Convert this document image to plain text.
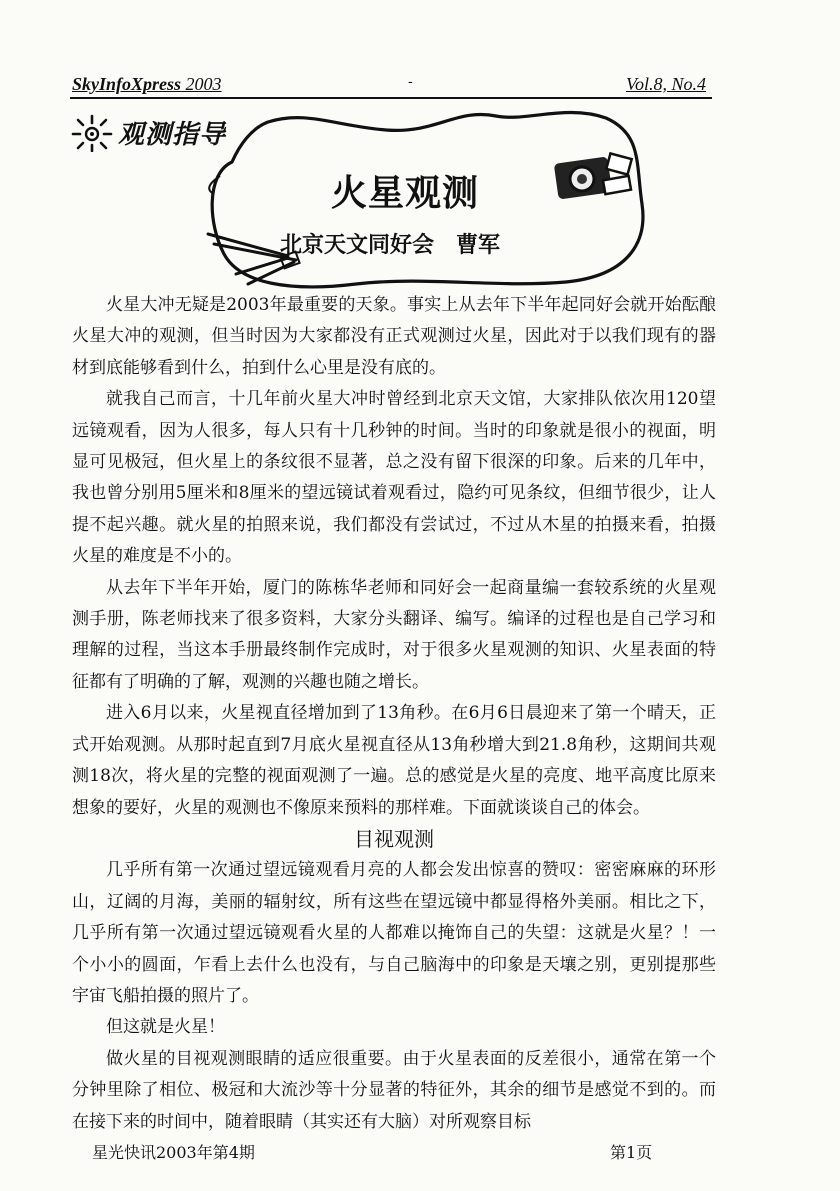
SkyInfoXpress 2003	-	Vol.8, No.4
观测指导
火星观测
北京天文同好会　曹军

火星大冲无疑是2003年最重要的天象。事实上从去年下半年起同好会就开始酝酿火星大冲的观测，但当时因为大家都没有正式观测过火星，因此对于以我们现有的器材到底能够看到什么，拍到什么心里是没有底的。

就我自己而言，十几年前火星大冲时曾经到北京天文馆，大家排队依次用120望远镜观看，因为人很多，每人只有十几秒钟的时间。当时的印象就是很小的视面，明显可见极冠，但火星上的条纹很不显著，总之没有留下很深的印象。后来的几年中，我也曾分别用5厘米和8厘米的望远镜试着观看过，隐约可见条纹，但细节很少，让人提不起兴趣。就火星的拍照来说，我们都没有尝试过，不过从木星的拍摄来看，拍摄火星的难度是不小的。

从去年下半年开始，厦门的陈栋华老师和同好会一起商量编一套较系统的火星观测手册，陈老师找来了很多资料，大家分头翻译、编写。编译的过程也是自己学习和理解的过程，当这本手册最终制作完成时，对于很多火星观测的知识、火星表面的特征都有了明确的了解，观测的兴趣也随之增长。

进入6月以来，火星视直径增加到了13角秒。在6月6日晨迎来了第一个晴天，正式开始观测。从那时起直到7月底火星视直径从13角秒增大到21.8角秒，这期间共观测18次，将火星的完整的视面观测了一遍。总的感觉是火星的亮度、地平高度比原来想象的要好，火星的观测也不像原来预料的那样难。下面就谈谈自己的体会。

目视观测

几乎所有第一次通过望远镜观看月亮的人都会发出惊喜的赞叹：密密麻麻的环形山，辽阔的月海，美丽的辐射纹，所有这些在望远镜中都显得格外美丽。相比之下，几乎所有第一次通过望远镜观看火星的人都难以掩饰自己的失望：这就是火星？！一个小小的圆面，乍看上去什么也没有，与自己脑海中的印象是天壤之别，更别提那些宇宙飞船拍摄的照片了。

但这就是火星！

做火星的目视观测眼睛的适应很重要。由于火星表面的反差很小，通常在第一个分钟里除了相位、极冠和大流沙等十分显著的特征外，其余的细节是感觉不到的。而在接下来的时间中，随着眼睛（其实还有大脑）对所观察目标

星光快讯2003年第4期	第1页
